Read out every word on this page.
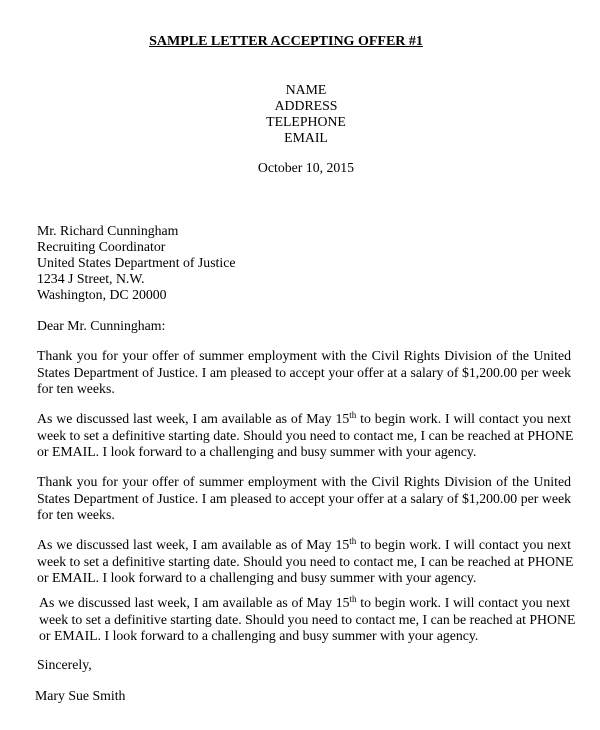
SAMPLE LETTER ACCEPTING OFFER #1
NAME
ADDRESS
TELEPHONE
EMAIL
October 10, 2015
Mr. Richard Cunningham
Recruiting Coordinator
United States Department of Justice
1234 J Street, N.W.
Washington, DC 20000
Dear Mr. Cunningham:
Thank you for your offer of summer employment with the Civil Rights Division of the United
States Department of Justice. I am pleased to accept your offer at a salary of $1,200.00 per week
for ten weeks.
As we discussed last week, I am available as of May 15th to begin work. I will contact you next
week to set a definitive starting date. Should you need to contact me, I can be reached at PHONE
or EMAIL. I look forward to a challenging and busy summer with your agency.
Thank you for your offer of summer employment with the Civil Rights Division of the United
States Department of Justice. I am pleased to accept your offer at a salary of $1,200.00 per week
for ten weeks.
As we discussed last week, I am available as of May 15th to begin work. I will contact you next
week to set a definitive starting date. Should you need to contact me, I can be reached at PHONE
or EMAIL. I look forward to a challenging and busy summer with your agency.
As we discussed last week, I am available as of May 15th to begin work. I will contact you next
week to set a definitive starting date. Should you need to contact me, I can be reached at PHONE
or EMAIL. I look forward to a challenging and busy summer with your agency.
Sincerely,
Mary Sue Smith
